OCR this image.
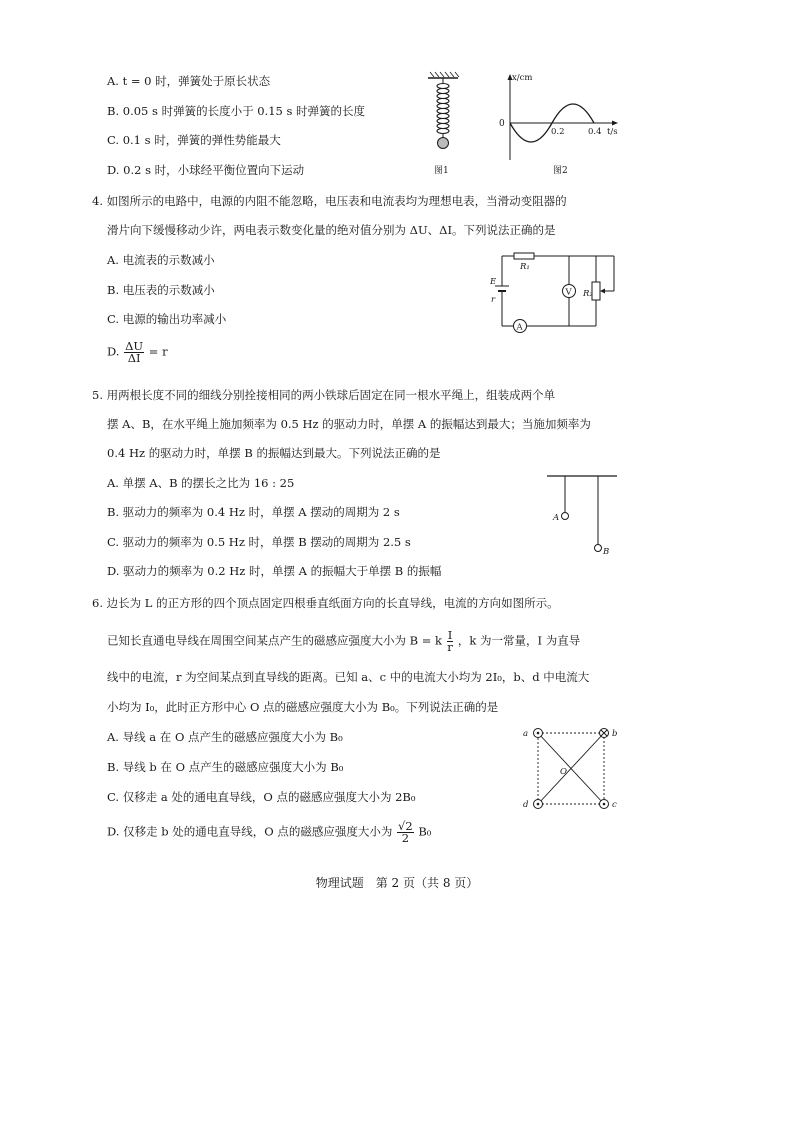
A. t = 0 时，弹簧处于原长状态
B. 0.05 s 时弹簧的长度小于 0.15 s 时弹簧的长度
C. 0.1 s 时，弹簧的弹性势能最大
D. 0.2 s 时，小球经平衡位置向下运动	图1
x/cm
t/s
0
0.2	0.4
图2
4. 如图所示的电路中，电源的内阻不能忽略，电压表和电流表均为理想电表，当滑动变阻器的
滑片向下缓慢移动少许，两电表示数变化量的绝对值分别为 ΔU、ΔI。下列说法正确的是
A. 电流表的示数减小
B. 电压表的示数减小
C. 电源的输出功率减小
D. $\frac{\Delta U}{\Delta I} = r$
V
A
R₁
R₂
E
r
5. 用两根长度不同的细线分别拴接相同的两小铁球后固定在同一根水平绳上，组装成两个单
摆 A、B，在水平绳上施加频率为 0.5 Hz 的驱动力时，单摆 A 的振幅达到最大；当施加频率为
0.4 Hz 的驱动力时，单摆 B 的振幅达到最大。下列说法正确的是
A. 单摆 A、B 的摆长之比为 16 : 25
B. 驱动力的频率为 0.4 Hz 时，单摆 A 摆动的周期为 2 s
C. 驱动力的频率为 0.5 Hz 时，单摆 B 摆动的周期为 2.5 s
D. 驱动力的频率为 0.2 Hz 时，单摆 A 的振幅大于单摆 B 的振幅
A
B
6. 边长为 L 的正方形的四个顶点固定四根垂直纸面方向的长直导线，电流的方向如图所示。
已知长直通电导线在周围空间某点产生的磁感应强度大小为 B = k $\frac{I}{r}$ ，k 为一常量，I 为直导
线中的电流，r 为空间某点到直导线的距离。已知 a、c 中的电流大小均为 2I₀，b、d 中电流大
小均为 I₀，此时正方形中心 O 点的磁感应强度大小为 B₀。下列说法正确的是
A. 导线 a 在 O 点产生的磁感应强度大小为 B₀
B. 导线 b 在 O 点产生的磁感应强度大小为 B₀
C. 仅移走 a 处的通电直导线，O 点的磁感应强度大小为 2B₀
D. 仅移走 b 处的通电直导线，O 点的磁感应强度大小为 $\frac{√2}{2} B_0$
a	b
c
d
O
物理试题　第 2 页（共 8 页）
